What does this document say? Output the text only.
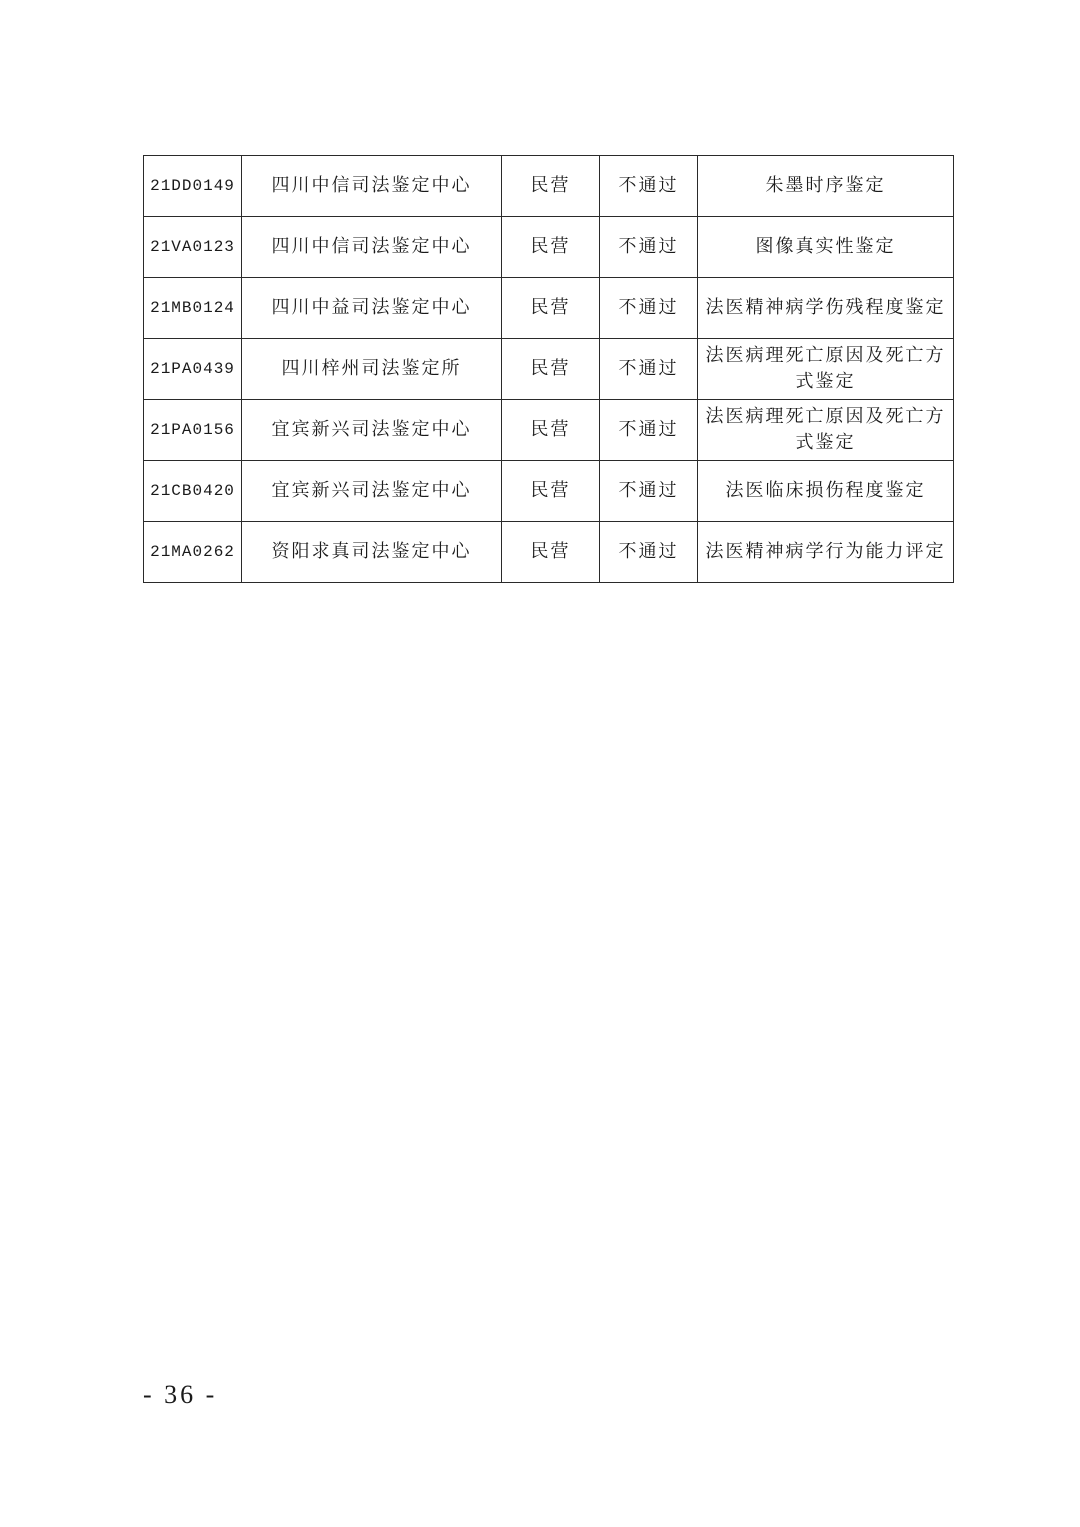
21DD0149	四川中信司法鉴定中心	民营	不通过	朱墨时序鉴定
21VA0123	四川中信司法鉴定中心	民营	不通过	图像真实性鉴定
21MB0124	四川中益司法鉴定中心	民营	不通过	法医精神病学伤残程度鉴定
21PA0439	四川梓州司法鉴定所	民营	不通过	法医病理死亡原因及死亡方式鉴定
21PA0156	宜宾新兴司法鉴定中心	民营	不通过	法医病理死亡原因及死亡方式鉴定
21CB0420	宜宾新兴司法鉴定中心	民营	不通过	法医临床损伤程度鉴定
21MA0262	资阳求真司法鉴定中心	民营	不通过	法医精神病学行为能力评定
- 36 -
